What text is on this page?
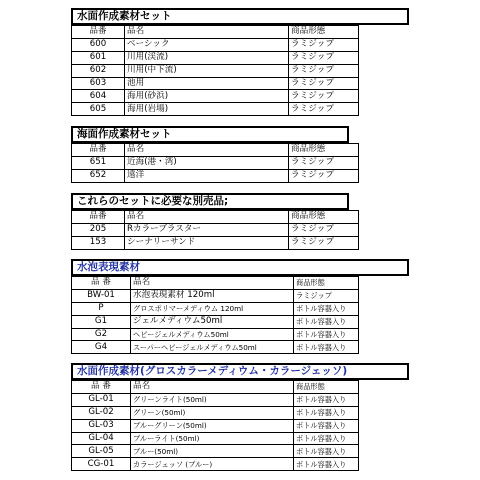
水面作成素材セット
品番	品名	商品形態
600	ベーシック	ラミジップ
601	川用(渓流)	ラミジップ
602	川用(中下流)	ラミジップ
603	池用	ラミジップ
604	海用(砂浜)	ラミジップ
605	海用(岩場)	ラミジップ
海面作成素材セット
品番	品名	商品形態
651	近海(港・湾)	ラミジップ
652	遠洋	ラミジップ
これらのセットに必要な別売品;
品番	品名	商品形態
205	Rカラーブラスター	ラミジップ
153	シーナリーサンド	ラミジップ
水泡表現素材
品 番	品名	商品形態
BW-01	水泡表現素材 120ml	ラミジップ
P	グロスポリマーメディウム 120ml	ボトル容器入り
G1	ジェルメディウム50ml	ボトル容器入り
G2	ヘビージェルメディウム50ml	ボトル容器入り
G4	スーパーヘビージェルメディウム50ml	ボトル容器入り
水面作成素材(グロスカラーメディウム・カラージェッソ)
品 番	品名	商品形態
GL-01	グリーンライト(50ml)	ボトル容器入り
GL-02	グリーン(50ml)	ボトル容器入り
GL-03	ブルーグリーン(50ml)	ボトル容器入り
GL-04	ブルーライト(50ml)	ボトル容器入り
GL-05	ブルー(50ml)	ボトル容器入り
CG-01	カラージェッソ (ブルー)	ボトル容器入り
